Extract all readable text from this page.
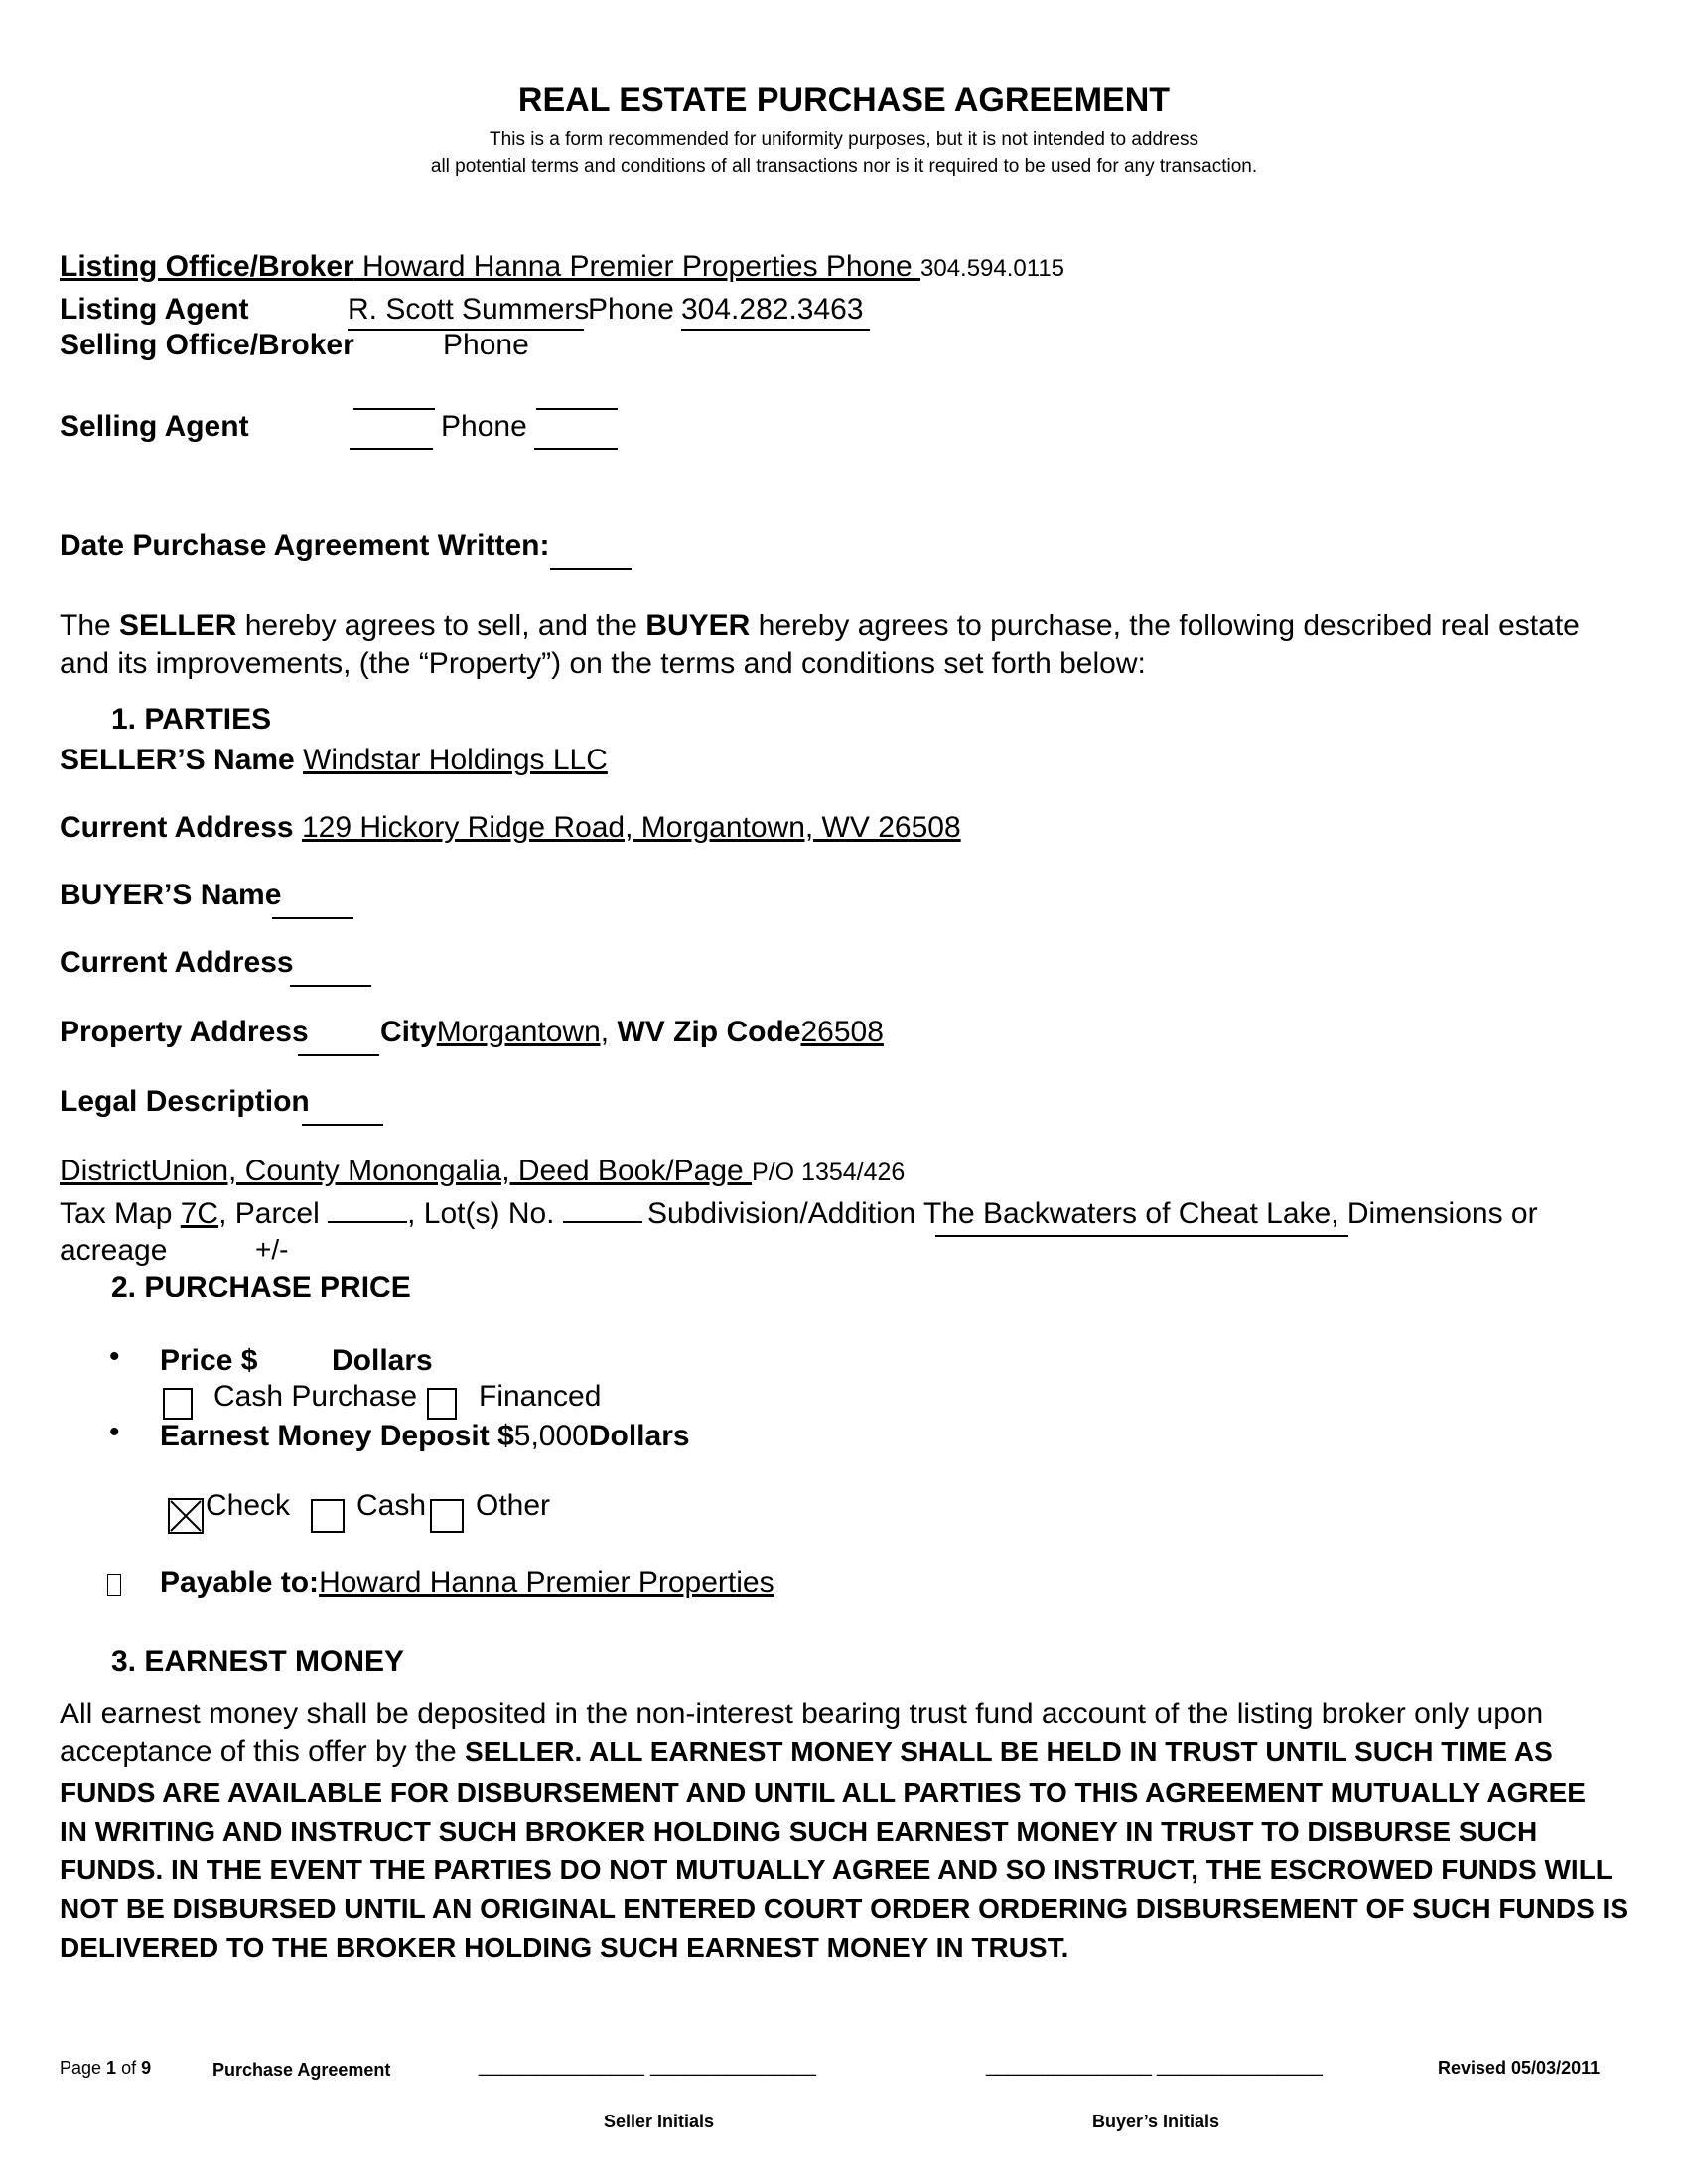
REAL ESTATE PURCHASE AGREEMENT
This is a form recommended for uniformity purposes, but it is not intended to address
all potential terms and conditions of all transactions nor is it required to be used for any transaction.
Listing Office/Broker Howard Hanna Premier Properties Phone 304.594.0115
Listing Agent	R. Scott Summers
Phone 304.282.3463
Selling Office/Broker	Phone
Selling Agent	Phone
Date Purchase Agreement Written:
The SELLER hereby agrees to sell, and the BUYER hereby agrees to purchase, the following described real estate and its improvements, (the “Property”) on the terms and conditions set forth below:
1. PARTIES
SELLER’S Name Windstar Holdings LLC
Current Address 129 Hickory Ridge Road, Morgantown, WV 26508
BUYER’S Name
Current Address
Property Address CityMorgantown, WV Zip Code26508
Legal Description
DistrictUnion, County Monongalia, Deed Book/Page P/O 1354/426
Tax Map 7C, Parcel	, Lot(s) No.	Subdivision/Addition The Backwaters of Cheat Lake, Dimensions or
acreage	+/-
2. PURCHASE PRICE
• Price $ Dollars
Cash Purchase Financed
• Earnest Money Deposit $5,000Dollars
Check Cash Other
Payable to:Howard Hanna Premier Properties
3. EARNEST MONEY
All earnest money shall be deposited in the non-interest bearing trust fund account of the listing broker only upon
acceptance of this offer by the SELLER. ALL EARNEST MONEY SHALL BE HELD IN TRUST UNTIL SUCH TIME AS
FUNDS ARE AVAILABLE FOR DISBURSEMENT AND UNTIL ALL PARTIES TO THIS AGREEMENT MUTUALLY AGREE
IN WRITING AND INSTRUCT SUCH BROKER HOLDING SUCH EARNEST MONEY IN TRUST TO DISBURSE SUCH
FUNDS. IN THE EVENT THE PARTIES DO NOT MUTUALLY AGREE AND SO INSTRUCT, THE ESCROWED FUNDS WILL
NOT BE DISBURSED UNTIL AN ORIGINAL ENTERED COURT ORDER ORDERING DISBURSEMENT OF SUCH FUNDS IS
DELIVERED TO THE BROKER HOLDING SUCH EARNEST MONEY IN TRUST.
Page 1 of 9	Purchase Agreement	_______________ _______________	_______________ _______________	Revised 05/03/2011
Seller Initials	Buyer’s Initials
